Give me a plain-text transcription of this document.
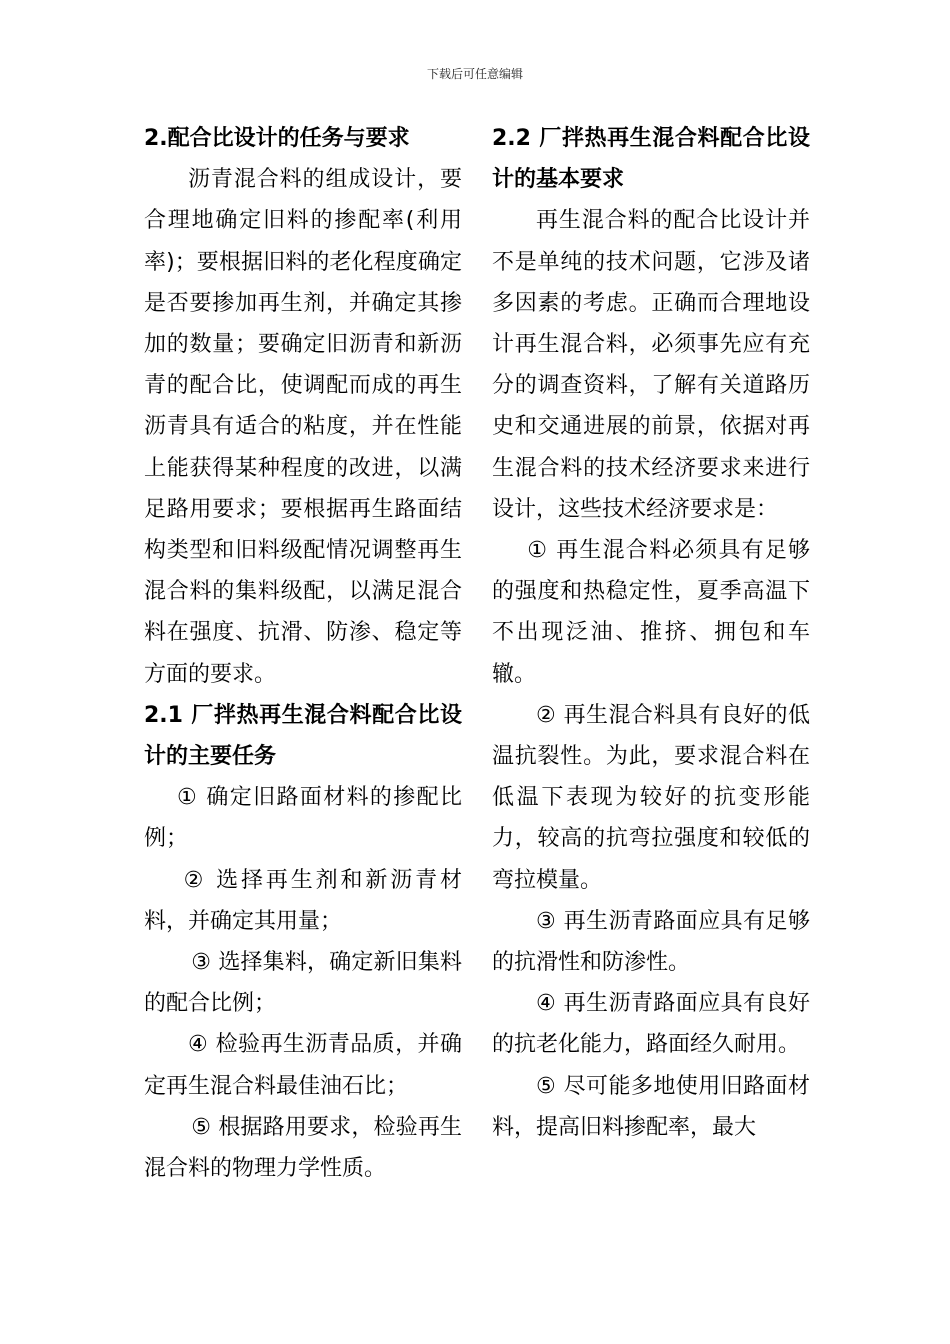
下载后可任意编辑
2.配合比设计的任务与要求

沥青混合料的组成设计，要合理地确定旧料的掺配率(利用率)；要根据旧料的老化程度确定是否要掺加再生剂，并确定其掺加的数量；要确定旧沥青和新沥青的配合比，使调配而成的再生沥青具有适合的粘度，并在性能上能获得某种程度的改进，以满足路用要求；要根据再生路面结构类型和旧料级配情况调整再生混合料的集料级配，以满足混合料在强度、抗滑、防渗、稳定等方面的要求。

2.1 厂拌热再生混合料配合比设计的主要任务

① 确定旧路面材料的掺配比例；

② 选择再生剂和新沥青材料，并确定其用量；

③ 选择集料，确定新旧集料的配合比例；

④ 检验再生沥青品质，并确定再生混合料最佳油石比；

⑤ 根据路用要求，检验再生混合料的物理力学性质。

2.2 厂拌热再生混合料配合比设计的基本要求

再生混合料的配合比设计并不是单纯的技术问题，它涉及诸多因素的考虑。正确而合理地设计再生混合料，必须事先应有充分的调查资料，了解有关道路历史和交通进展的前景，依据对再生混合料的技术经济要求来进行设计，这些技术经济要求是：

① 再生混合料必须具有足够的强度和热稳定性，夏季高温下不出现泛油、推挤、拥包和车辙。

② 再生混合料具有良好的低温抗裂性。为此，要求混合料在低温下表现为较好的抗变形能力，较高的抗弯拉强度和较低的弯拉模量。

③ 再生沥青路面应具有足够的抗滑性和防渗性。

④ 再生沥青路面应具有良好的抗老化能力，路面经久耐用。

⑤ 尽可能多地使用旧路面材料，提高旧料掺配率，最大
